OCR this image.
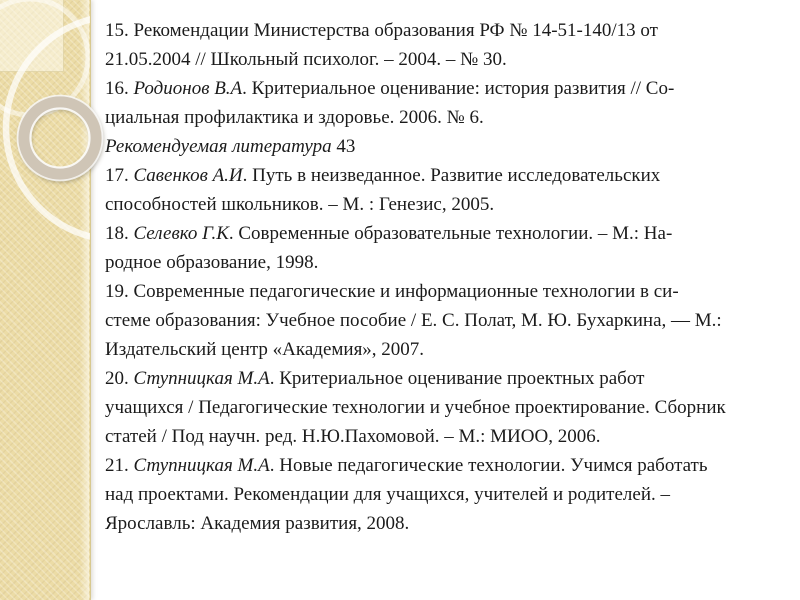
15. Рекомендации Министерства образования РФ № 14-51-140/13 от
21.05.2004 // Школьный психолог. – 2004. – № 30.
16. Родионов В.А. Критериальное оценивание: история развития // Со-
циальная профилактика и здоровье. 2006. № 6.
Рекомендуемая литература 43
17. Савенков А.И. Путь в неизведанное. Развитие исследовательских
способностей школьников. – М. : Генезис, 2005.
18. Селевко Г.К. Современные образовательные технологии. – М.: На-
родное образование, 1998.
19. Современные педагогические и информационные технологии в си-
стеме образования: Учебное пособие / Е. С. Полат, М. Ю. Бухаркина, — М.:
Издательский центр «Академия», 2007.
20. Ступницкая М.А. Критериальное оценивание проектных работ
учащихся / Педагогические технологии и учебное проектирование. Сборник
статей / Под научн. ред. Н.Ю.Пахомовой. – М.: МИОО, 2006.
21. Ступницкая М.А. Новые педагогические технологии. Учимся работать
над проектами. Рекомендации для учащихся, учителей и родителей. –
Ярославль: Академия развития, 2008.
